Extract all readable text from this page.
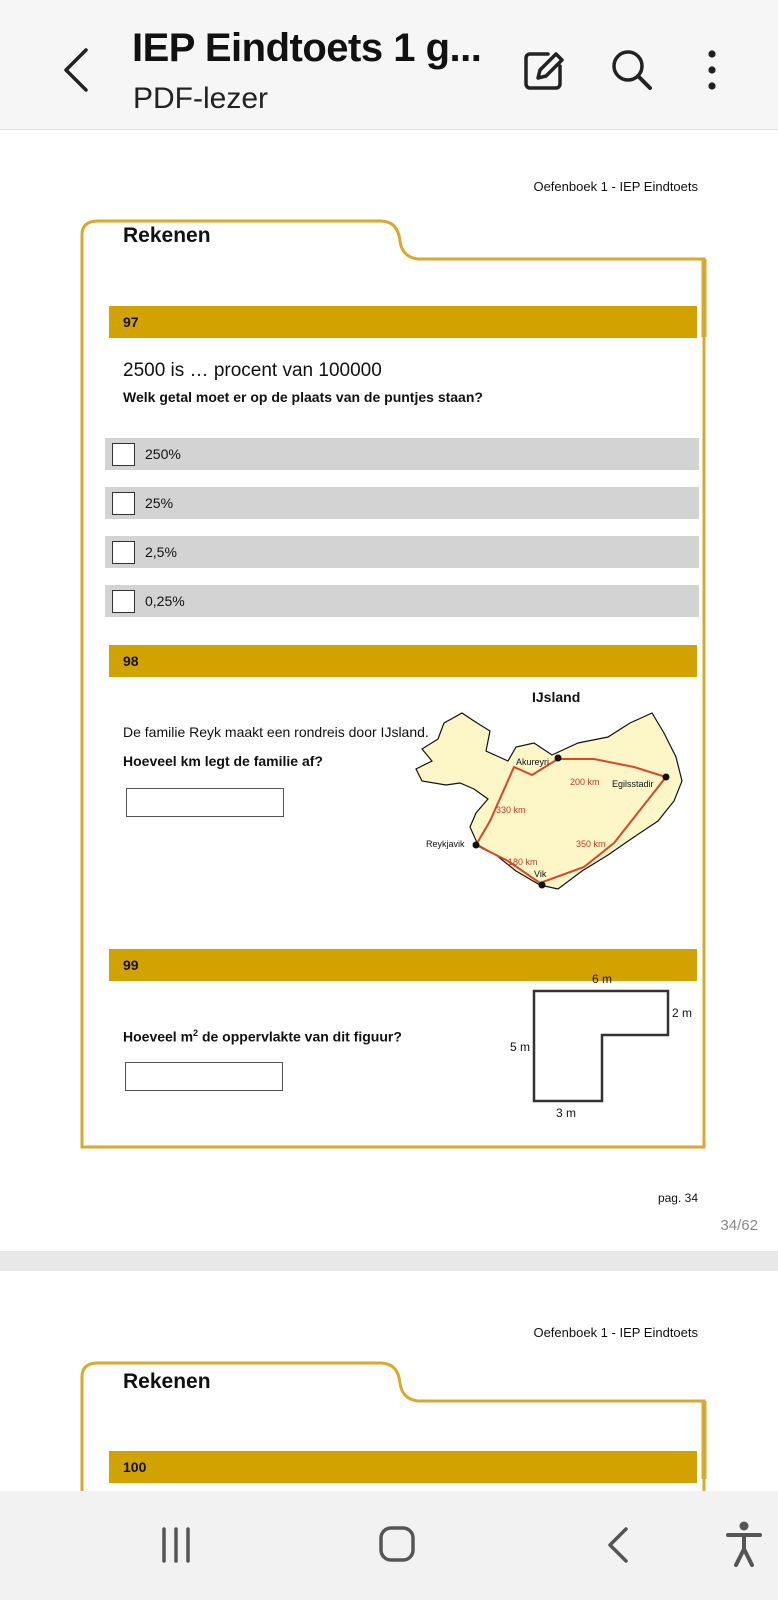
IEP Eindtoets 1 g...
PDF-lezer
Oefenboek 1 - IEP Eindtoets
Rekenen
97
2500 is … procent van 100000
Welk getal moet er op de plaats van de puntjes staan?
250%
25%
2,5%
0,25%
98
IJsland
De familie Reyk maakt een rondreis door IJsland.
Hoeveel km legt de familie af?	Akureyri
Egilsstadir
Reykjavik
Vik
200 km
330 km
350 km
180 km
99
Hoeveel $m^2$ de oppervlakte van dit figuur?
6 m
2 m
5 m
3 m
pag. 34
34/62
Oefenboek 1 - IEP Eindtoets
Rekenen
100
